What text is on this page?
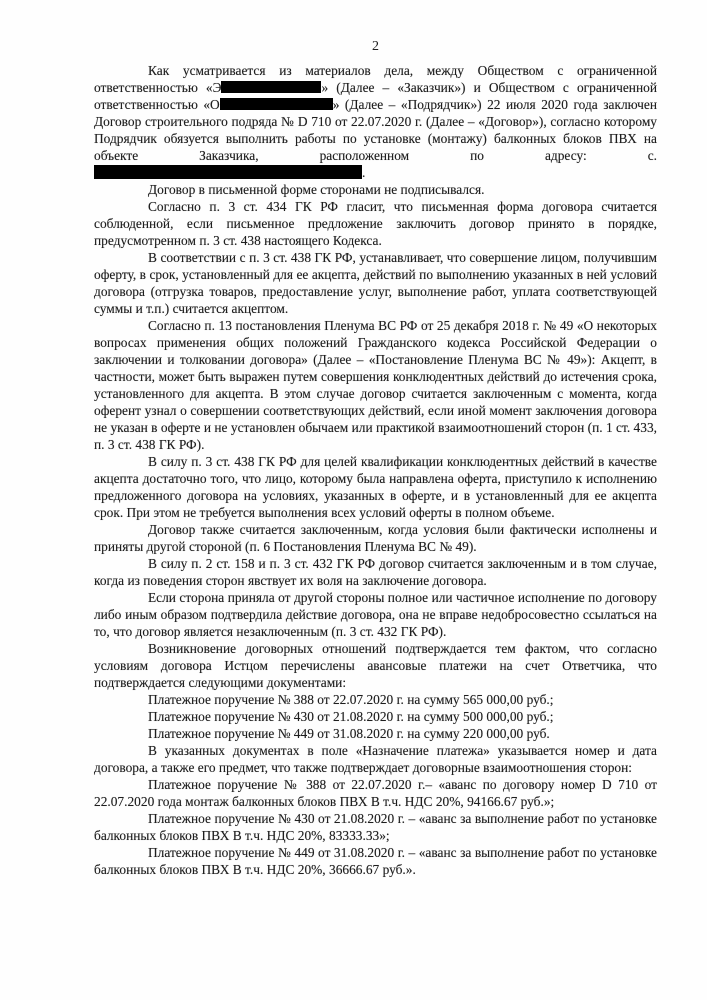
2

Как усматривается из материалов дела, между Обществом с ограниченной ответственностью «Э	» (Далее – «Заказчик») и Обществом с ограниченной ответственностью «О	» (Далее – «Подрядчик») 22 июля 2020 года заключен Договор строительного подряда № D 710 от 22.07.2020 г. (Далее – «Договор»), согласно которому Подрядчик обязуется выполнить работы по установке (монтажу) балконных блоков ПВХ на объекте Заказчика, расположенном по адресу: с.

.

Договор в письменной форме сторонами не подписывался.

Согласно п. 3 ст. 434 ГК РФ гласит, что письменная форма договора считается соблюденной, если письменное предложение заключить договор принято в порядке, предусмотренном п. 3 ст. 438 настоящего Кодекса.

В соответствии с п. 3 ст. 438 ГК РФ, устанавливает, что совершение лицом, получившим оферту, в срок, установленный для ее акцепта, действий по выполнению указанных в ней условий договора (отгрузка товаров, предоставление услуг, выполнение работ, уплата соответствующей суммы и т.п.) считается акцептом.

Согласно п. 13 постановления Пленума ВС РФ от 25 декабря 2018 г. № 49 «О некоторых вопросах применения общих положений Гражданского кодекса Российской Федерации о заключении и толковании договора» (Далее – «Постановление Пленума ВС № 49»): Акцепт, в частности, может быть выражен путем совершения конклюдентных действий до истечения срока, установленного для акцепта. В этом случае договор считается заключенным с момента, когда оферент узнал о совершении соответствующих действий, если иной момент заключения договора не указан в оферте и не установлен обычаем или практикой взаимоотношений сторон (п. 1 ст. 433, п. 3 ст. 438 ГК РФ).

В силу п. 3 ст. 438 ГК РФ для целей квалификации конклюдентных действий в качестве акцепта достаточно того, что лицо, которому была направлена оферта, приступило к исполнению предложенного договора на условиях, указанных в оферте, и в установленный для ее акцепта срок. При этом не требуется выполнения всех условий оферты в полном объеме.

Договор также считается заключенным, когда условия были фактически исполнены и приняты другой стороной (п. 6 Постановления Пленума ВС № 49).

В силу п. 2 ст. 158 и п. 3 ст. 432 ГК РФ договор считается заключенным и в том случае, когда из поведения сторон явствует их воля на заключение договора.

Если сторона приняла от другой стороны полное или частичное исполнение по договору либо иным образом подтвердила действие договора, она не вправе недобросовестно ссылаться на то, что договор является незаключенным (п. 3 ст. 432 ГК РФ).

Возникновение договорных отношений подтверждается тем фактом, что согласно условиям договора Истцом перечислены авансовые платежи на счет Ответчика, что подтверждается следующими документами:

Платежное поручение № 388 от 22.07.2020 г. на сумму 565 000,00 руб.;

Платежное поручение № 430 от 21.08.2020 г. на сумму 500 000,00 руб.;

Платежное поручение № 449 от 31.08.2020 г. на сумму 220 000,00 руб.

В указанных документах в поле «Назначение платежа» указывается номер и дата договора, а также его предмет, что также подтверждает договорные взаимоотношения сторон:

Платежное поручение № 388 от 22.07.2020 г.– «аванс по договору номер D 710 от 22.07.2020 года монтаж балконных блоков ПВХ В т.ч. НДС 20%, 94166.67 руб.»;

Платежное поручение № 430 от 21.08.2020 г. – «аванс за выполнение работ по установке балконных блоков ПВХ В т.ч. НДС 20%, 83333.33»;

Платежное поручение № 449 от 31.08.2020 г. – «аванс за выполнение работ по установке балконных блоков ПВХ В т.ч. НДС 20%, 36666.67 руб.».
